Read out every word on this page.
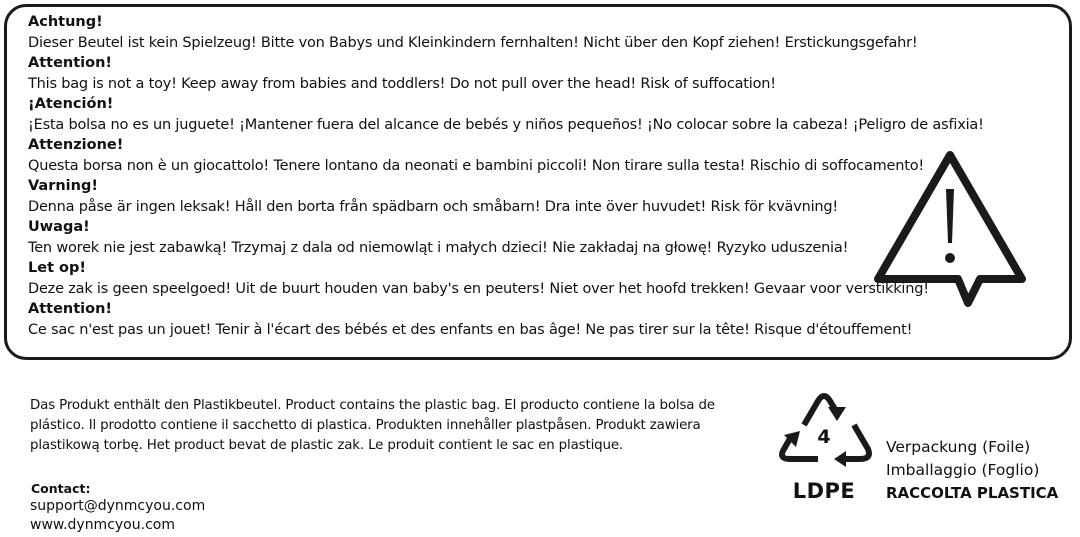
Achtung!
Dieser Beutel ist kein Spielzeug! Bitte von Babys und Kleinkindern fernhalten! Nicht über den Kopf ziehen! Erstickungsgefahr!
Attention!
This bag is not a toy! Keep away from babies and toddlers! Do not pull over the head! Risk of suffocation!
¡Atención!
¡Esta bolsa no es un juguete! ¡Mantener fuera del alcance de bebés y niños pequeños! ¡No colocar sobre la cabeza! ¡Peligro de asfixia!
Attenzione!
Questa borsa non è un giocattolo! Tenere lontano da neonati e bambini piccoli! Non tirare sulla testa! Rischio di soffocamento!
Varning!
Denna påse är ingen leksak! Håll den borta från spädbarn och småbarn! Dra inte över huvudet! Risk för kvävning!
Uwaga!
Ten worek nie jest zabawką! Trzymaj z dala od niemowląt i małych dzieci! Nie zakładaj na głowę! Ryzyko uduszenia!
Let op!
Deze zak is geen speelgoed! Uit de buurt houden van baby's en peuters! Niet over het hoofd trekken! Gevaar voor verstikking!
Attention!
Ce sac n'est pas un jouet! Tenir à l'écart des bébés et des enfants en bas âge! Ne pas tirer sur la tête! Risque d'étouffement!
Das Produkt enthält den Plastikbeutel. Product contains the plastic bag. El producto contiene la bolsa de
plástico. Il prodotto contiene il sacchetto di plastica. Produkten innehåller plastpåsen. Produkt zawiera
plastikową torbę. Het product bevat de plastic zak. Le produit contient le sac en plastique.
Contact:
support@dynmcyou.com
www.dynmcyou.com
4
LDPE
Verpackung (Foile)
Imballaggio (Foglio)
RACCOLTA PLASTICA
